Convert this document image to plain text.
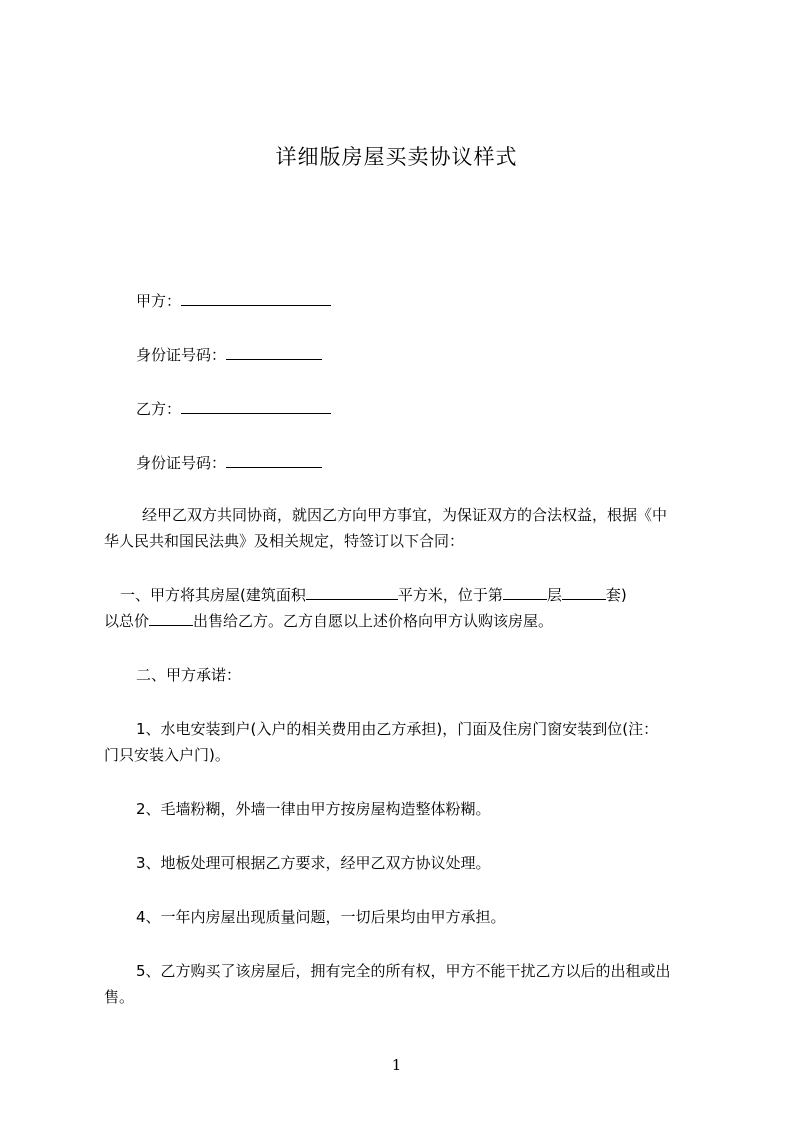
详细版房屋买卖协议样式
甲方：
身份证号码：
乙方：
身份证号码：
经甲乙双方共同协商，就因乙方向甲方事宜，为保证双方的合法权益，根据《中
华人民共和国民法典》及相关规定，特签订以下合同：
一、甲方将其房屋(建筑面积	平方米，位于第	层	套)
以总价	出售给乙方。乙方自愿以上述价格向甲方认购该房屋。
二、甲方承诺：
1、水电安装到户(入户的相关费用由乙方承担)，门面及住房门窗安装到位(注：
门只安装入户门)。
2、毛墙粉糊，外墙一律由甲方按房屋构造整体粉糊。
3、地板处理可根据乙方要求，经甲乙双方协议处理。
4、一年内房屋出现质量问题，一切后果均由甲方承担。
5、乙方购买了该房屋后，拥有完全的所有权，甲方不能干扰乙方以后的出租或出
售。
1
